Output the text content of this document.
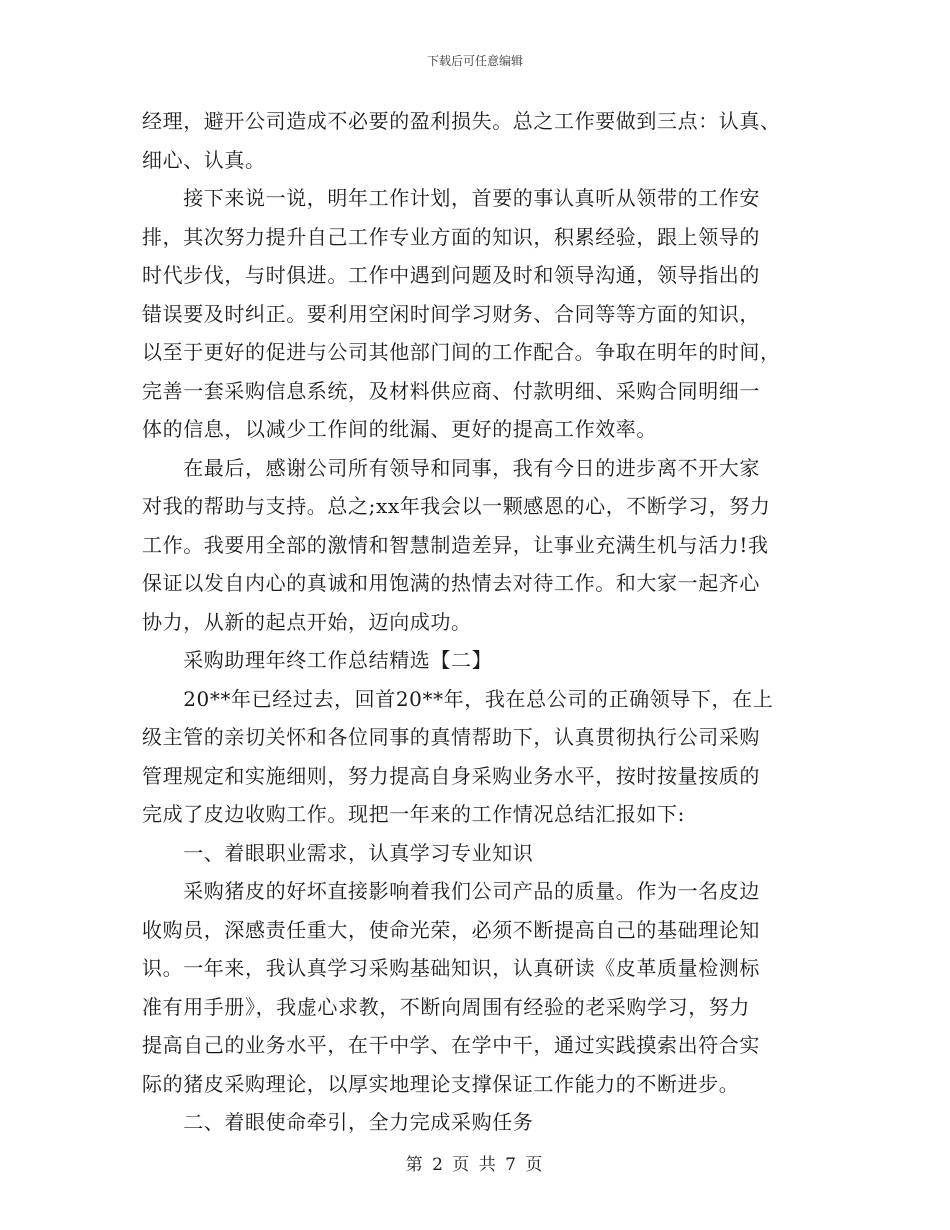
下载后可任意编辑
经理，避开公司造成不必要的盈利损失。总之工作要做到三点：认真、
细心、认真。
　　接下来说一说，明年工作计划，首要的事认真听从领带的工作安
排，其次努力提升自己工作专业方面的知识，积累经验，跟上领导的
时代步伐，与时俱进。工作中遇到问题及时和领导沟通，领导指出的
错误要及时纠正。要利用空闲时间学习财务、合同等等方面的知识，
以至于更好的促进与公司其他部门间的工作配合。争取在明年的时间，
完善一套采购信息系统，及材料供应商、付款明细、采购合同明细一
体的信息，以减少工作间的纰漏、更好的提高工作效率。
　　在最后，感谢公司所有领导和同事，我有今日的进步离不开大家
对我的帮助与支持。总之;xx年我会以一颗感恩的心，不断学习，努力
工作。我要用全部的激情和智慧制造差异，让事业充满生机与活力!我
保证以发自内心的真诚和用饱满的热情去对待工作。和大家一起齐心
协力，从新的起点开始，迈向成功。
　　采购助理年终工作总结精选【二】
　　20**年已经过去，回首20**年，我在总公司的正确领导下，在上
级主管的亲切关怀和各位同事的真情帮助下，认真贯彻执行公司采购
管理规定和实施细则，努力提高自身采购业务水平，按时按量按质的
完成了皮边收购工作。现把一年来的工作情况总结汇报如下:
　　一、着眼职业需求，认真学习专业知识
　　采购猪皮的好坏直接影响着我们公司产品的质量。作为一名皮边
收购员，深感责任重大，使命光荣，必须不断提高自己的基础理论知
识。一年来，我认真学习采购基础知识，认真研读《皮革质量检测标
准有用手册》，我虚心求教，不断向周围有经验的老采购学习，努力
提高自己的业务水平，在干中学、在学中干，通过实践摸索出符合实
际的猪皮采购理论，以厚实地理论支撑保证工作能力的不断进步。
　　二、着眼使命牵引，全力完成采购任务
第 2 页 共 7 页
